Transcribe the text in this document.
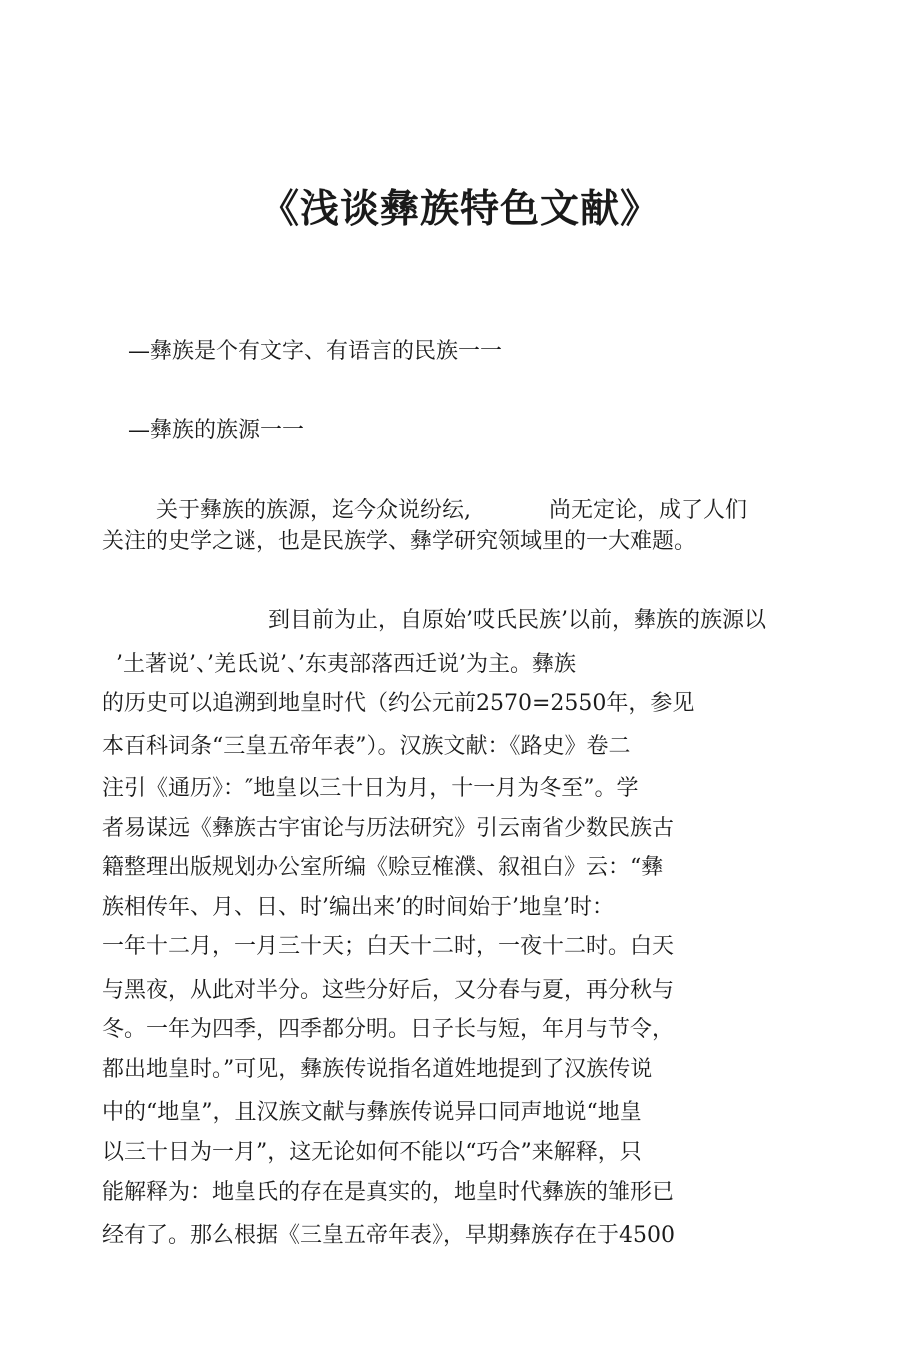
《浅谈彝族特色文献》

—彝族是个有文字、有语言的民族一一

—彝族的族源一一

关于彝族的族源，迄今众说纷纭,	尚无定论，成了人们

关注的史学之谜，也是民族学、彝学研究领域里的一大难题。

到目前为止，自原始’哎氏民族’以前，彝族的族源以

’土著说’、’羌氐说’、’东夷部落西迁说’为主。彝族

的历史可以追溯到地皇时代（约公元前2570=2550年，参见

本百科词条“三皇五帝年表”）。汉族文献：《路史》卷二

注引《通历》：″地皇以三十日为月，十一月为冬至”。学

者易谋远《彝族古宇宙论与历法研究》引云南省少数民族古

籍整理出版规划办公室所编《赊豆榷濮、叙祖白》云：“彝

族相传年、月、日、时’编出来’的时间始于’地皇’时：

一年十二月，一月三十天；白天十二时，一夜十二时。白天

与黑夜，从此对半分。这些分好后，又分春与夏，再分秋与

冬。一年为四季，四季都分明。日子长与短，年月与节令，

都出地皇时。”可见，彝族传说指名道姓地提到了汉族传说

中的“地皇”，且汉族文献与彝族传说异口同声地说“地皇

以三十日为一月”，这无论如何不能以“巧合”来解释，只

能解释为：地皇氏的存在是真实的，地皇时代彝族的雏形已

经有了。那么根据《三皇五帝年表》，早期彝族存在于4500
